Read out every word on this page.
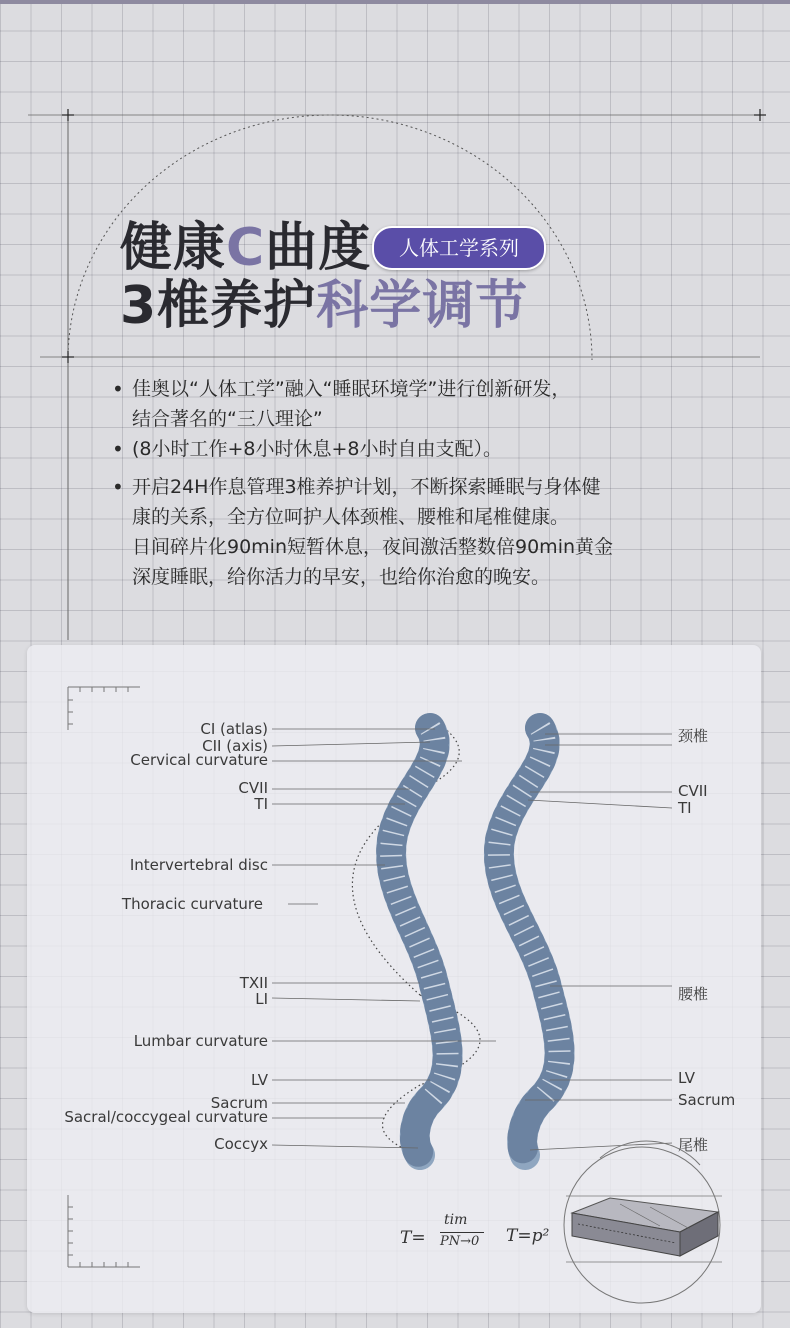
健康C曲度	人体工学系列
3椎养护科学调节
• 佳奥以“人体工学”融入“睡眠环境学”进行创新研发，

结合著名的“三八理论”

• (8小时工作+8小时休息+8小时自由支配）。

• 开启24H作息管理3椎养护计划，不断探索睡眠与身体健

康的关系，全方位呵护人体颈椎、腰椎和尾椎健康。

日间碎片化90min短暂休息，夜间激活整数倍90min黄金

深度睡眠，给你活力的早安，也给你治愈的晚安。

CI (atlas)
CII (axis)
Cervical curvature
CVII
TI
Intervertebral disc
Thoracic curvature
TXII
LI
Lumbar curvature
LV
Sacrum
Sacral/coccygeal curvature
Coccyx
颈椎
CVII
TI
腰椎
LV
Sacrum
尾椎
T=
tim
PN→0 T=p²
